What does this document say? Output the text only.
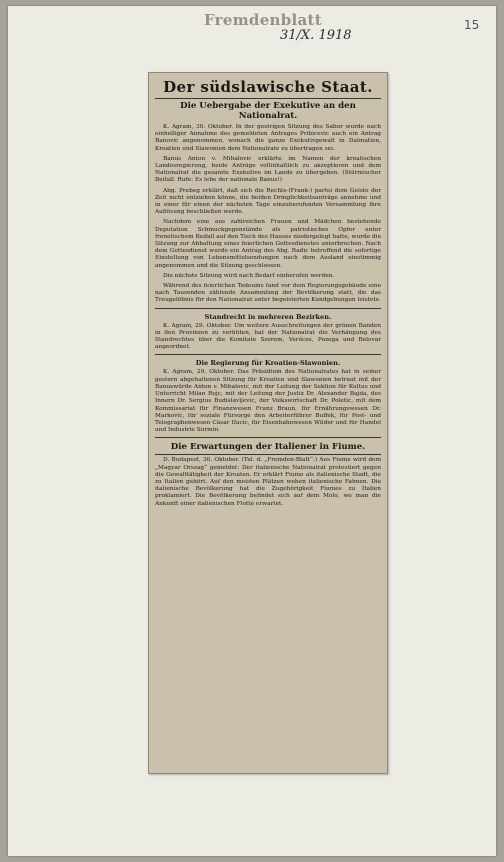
Fremdenblatt
31/X. 1918
15
Der südslawische Staat.
Die Uebergabe der Exekutive an den Nationalrat.

K. Agram, 30. Oktober. In der gestrigen Sitzung des Sabor wurde nach einhelliger Annahme des gemeldeten Antrages Pribicevic auch ein Antrag Banovic angenommen, wonach die ganze Exekutivgewalt in Dalmatien, Kroatien und Slawonien dem Nationalrate zu übertragen sei.

Banus Anton v. Mihalovic erklärte im Namen der kroatischen Landesregierung, beide Anträge vollinhaltlich zu akzeptieren und dem Nationalrat die gesamte Exekutive im Lande zu übergeben. (Stürmischer Beifall. Rufe: Es lebe der nationale Banus!)

Abg. Prebeg erklärt, daß sich die Rechts-(Frank-) partei dem Geiste der Zeit nicht entziehen könne, die beiden Dringlichkeitsanträge annehme und in einer für einen der nächsten Tage einzuberufenden Versammlung ihre Auflösung beschließen werde.

Nachdem eine aus zahlreichen Frauen und Mädchen bestehende Deputation Schmuckgegenstände als patriotisches Opfer unter frenetischem Beifall auf den Tisch des Hauses niedergelegt hatte, wurde die Sitzung zur Abhaltung eines feierlichen Gottesdienstes unterbrochen. Nach dem Gottesdienst wurde ein Antrag des Abg. Radic betreffend die sofortige Einstellung von Lebensmittelsendungen nach dem Ausland einstimmig angenommen und die Sitzung geschlossen.

Die nächste Sitzung wird nach Bedarf einberufen werden.

Während des feierlichen Tedeums fand vor dem Regierungsgebäude eine nach Tausenden zählende Ansammlung der Bevölkerung statt, die das Treugelöbnis für den Nationalrat unter begeisterten Kundgebungen leistete.

Standrecht in mehreren Bezirken.

K. Agram, 29. Oktober. Um weitere Ausschreitungen der grünen Banden in den Provinzen zu verhüten, hat der Nationalrat die Verhängung des Standrechtes über die Komitate Szerem, Verócze, Pozega und Belovar angeordnet.

Die Regierung für Kroatien-Slawonien.

K. Agram, 29. Oktober. Das Präsidium des Nationalrates hat in seiner gestern abgehaltenen Sitzung für Kroatien und Slawonien betraut mit der Banuswürde Anton v. Mihalovic, mit der Leitung der Sektion für Kultus und Unterricht Milan Rojc, mit der Leitung der Justiz Dr. Alexander Bajda, des Innern Dr. Sergius Budislavljevic, der Volkswirtschaft Dr. Poletic, mit dem Kommissariat für Finanzwesen Franz Braun, für Ernährungswesen Dr. Markovic, für soziale Fürsorge den Arbeiterführer Buffek, für Post- und Telegraphenwesen Cäsar Ifacic, für Eisenbahnwesen Wilder und für Handel und Industrie Surmin.

Die Erwartungen der Italiener in Fiume.

D. Budapest, 30. Oktober. (Tel. d. „Fremden-Blatt“.) Aus Fiume wird dem „Magyar Orszag“ gemeldet: Der italienische Nationalrat protestiert gegen die Gewalttätigkeit der Kroaten. Er erklärt Fiume als italienische Stadt, die zu Italien gehört. Auf den meisten Plätzen wehen italienische Fahnen. Die italienische Bevölkerung hat die Zugehörigkeit Fiumes zu Italien proklamiert. Die Bevölkerung befindet sich auf dem Molo, wo man die Ankunft einer italienischen Flotte erwartet.
